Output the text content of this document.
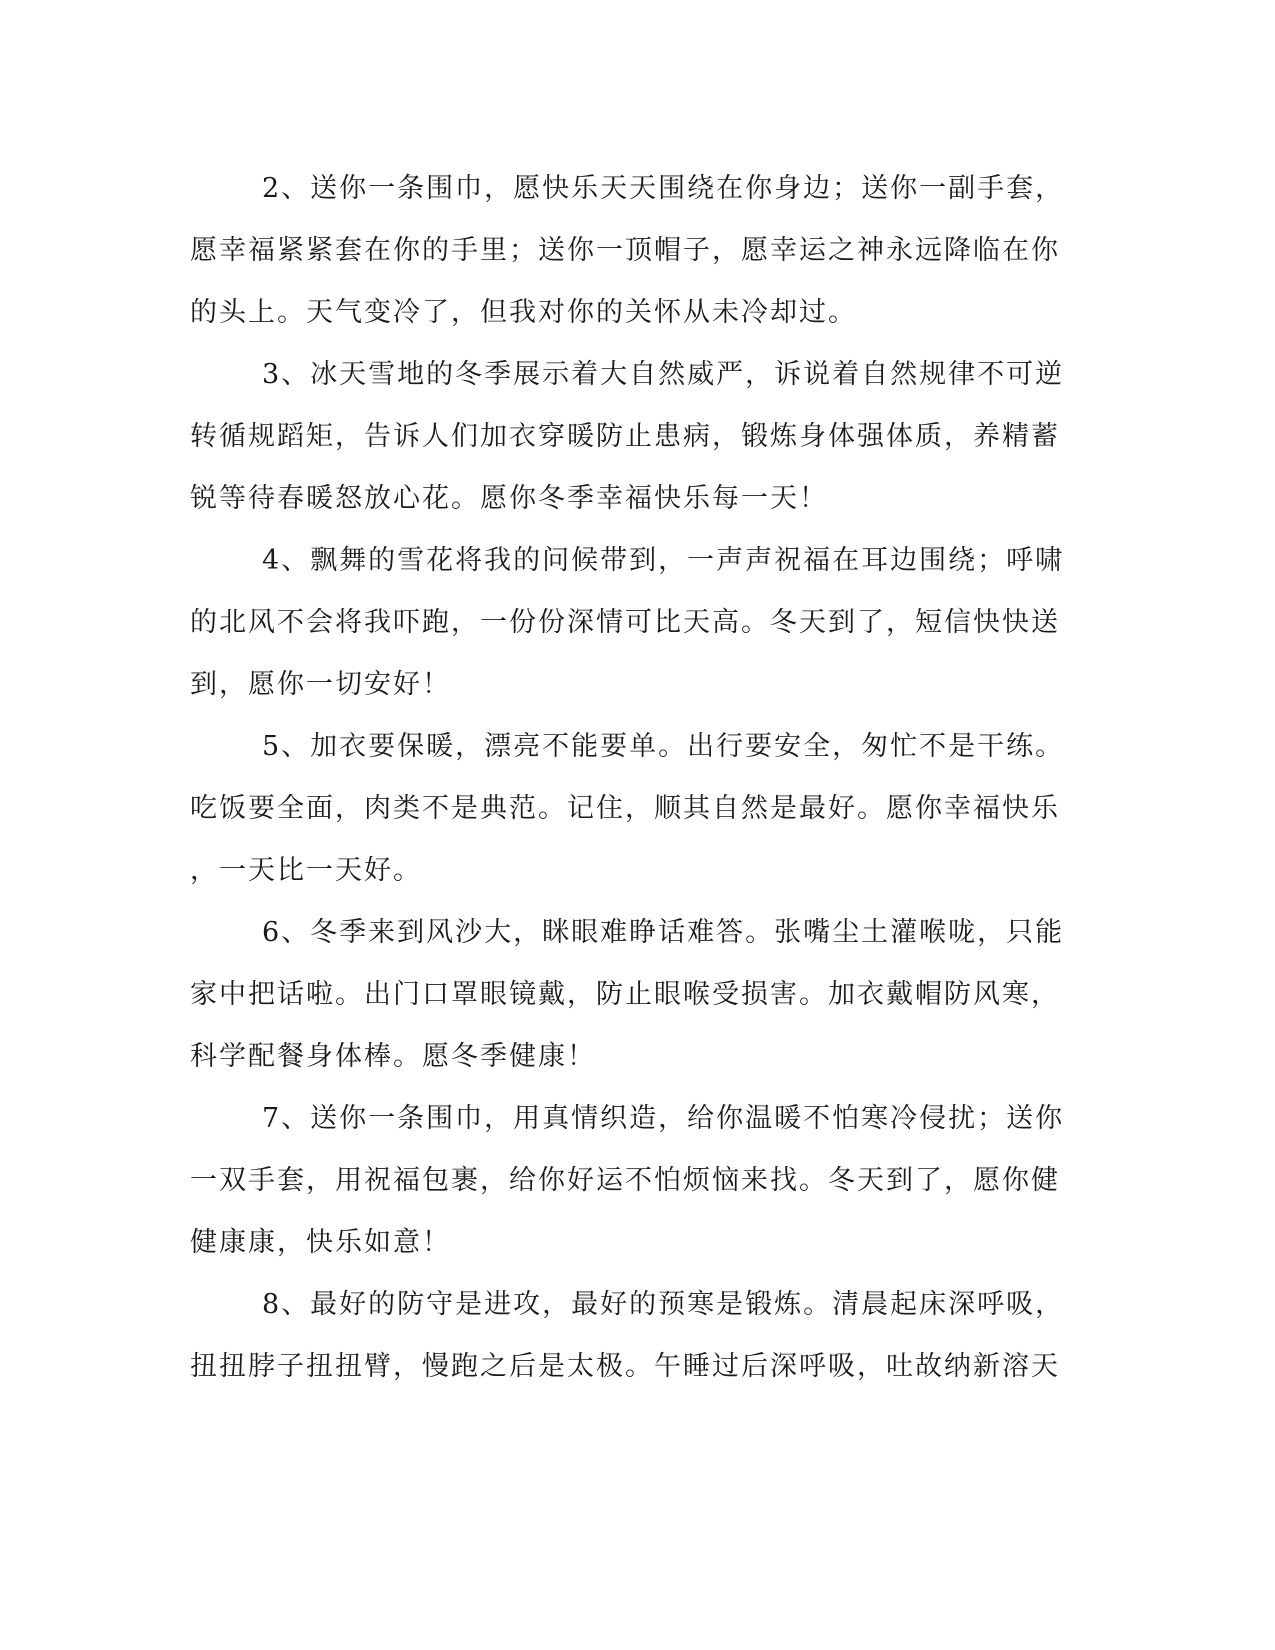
2、送你一条围巾，愿快乐天天围绕在你身边；送你一副手套，
愿幸福紧紧套在你的手里；送你一顶帽子，愿幸运之神永远降临在你
的头上。天气变冷了，但我对你的关怀从未冷却过。
3、冰天雪地的冬季展示着大自然威严，诉说着自然规律不可逆
转循规蹈矩，告诉人们加衣穿暖防止患病，锻炼身体强体质，养精蓄
锐等待春暖怒放心花。愿你冬季幸福快乐每一天！
4、飘舞的雪花将我的问候带到，一声声祝福在耳边围绕；呼啸
的北风不会将我吓跑，一份份深情可比天高。冬天到了，短信快快送
到，愿你一切安好！
5、加衣要保暖，漂亮不能要单。出行要安全，匆忙不是干练。
吃饭要全面，肉类不是典范。记住，顺其自然是最好。愿你幸福快乐
，一天比一天好。
6、冬季来到风沙大，眯眼难睁话难答。张嘴尘土灌喉咙，只能
家中把话啦。出门口罩眼镜戴，防止眼喉受损害。加衣戴帽防风寒，
科学配餐身体棒。愿冬季健康！
7、送你一条围巾，用真情织造，给你温暖不怕寒冷侵扰；送你
一双手套，用祝福包裹，给你好运不怕烦恼来找。冬天到了，愿你健
健康康，快乐如意！
8、最好的防守是进攻，最好的预寒是锻炼。清晨起床深呼吸，
扭扭脖子扭扭臂，慢跑之后是太极。午睡过后深呼吸，吐故纳新溶天
